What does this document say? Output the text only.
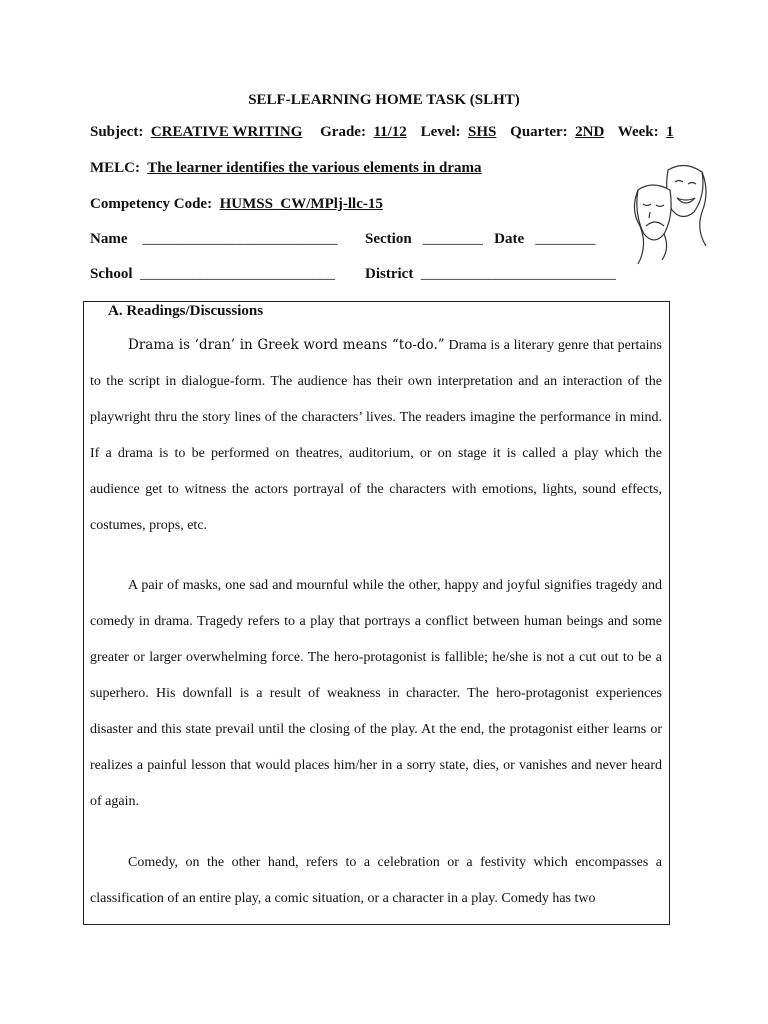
SELF-LEARNING HOME TASK (SLHT)
Subject: CREATIVE WRITING Grade: 11/12 Level: SHS Quarter: 2ND Week: 1
MELC: The learner identifies the various elements in drama
Competency Code: HUMSS_CW/MPlj-llc-15
Name __________________________ Section ________ Date ________
School __________________________ District __________________________
A. Readings/Discussions

Drama is ‘dran’ in Greek word means “to-do.” Drama is a literary genre that pertains to the script in dialogue-form. The audience has their own interpretation and an interaction of the playwright thru the story lines of the characters’ lives. The readers imagine the performance in mind. If a drama is to be performed on theatres, auditorium, or on stage it is called a play which the audience get to witness the actors portrayal of the characters with emotions, lights, sound effects, costumes, props, etc.

A pair of masks, one sad and mournful while the other, happy and joyful signifies tragedy and comedy in drama. Tragedy refers to a play that portrays a conflict between human beings and some greater or larger overwhelming force. The hero-protagonist is fallible; he/she is not a cut out to be a superhero. His downfall is a result of weakness in character. The hero-protagonist experiences disaster and this state prevail until the closing of the play. At the end, the protagonist either learns or realizes a painful lesson that would places him/her in a sorry state, dies, or vanishes and never heard of again.

Comedy, on the other hand, refers to a celebration or a festivity which encompasses a classification of an entire play, a comic situation, or a character in a play. Comedy has two
